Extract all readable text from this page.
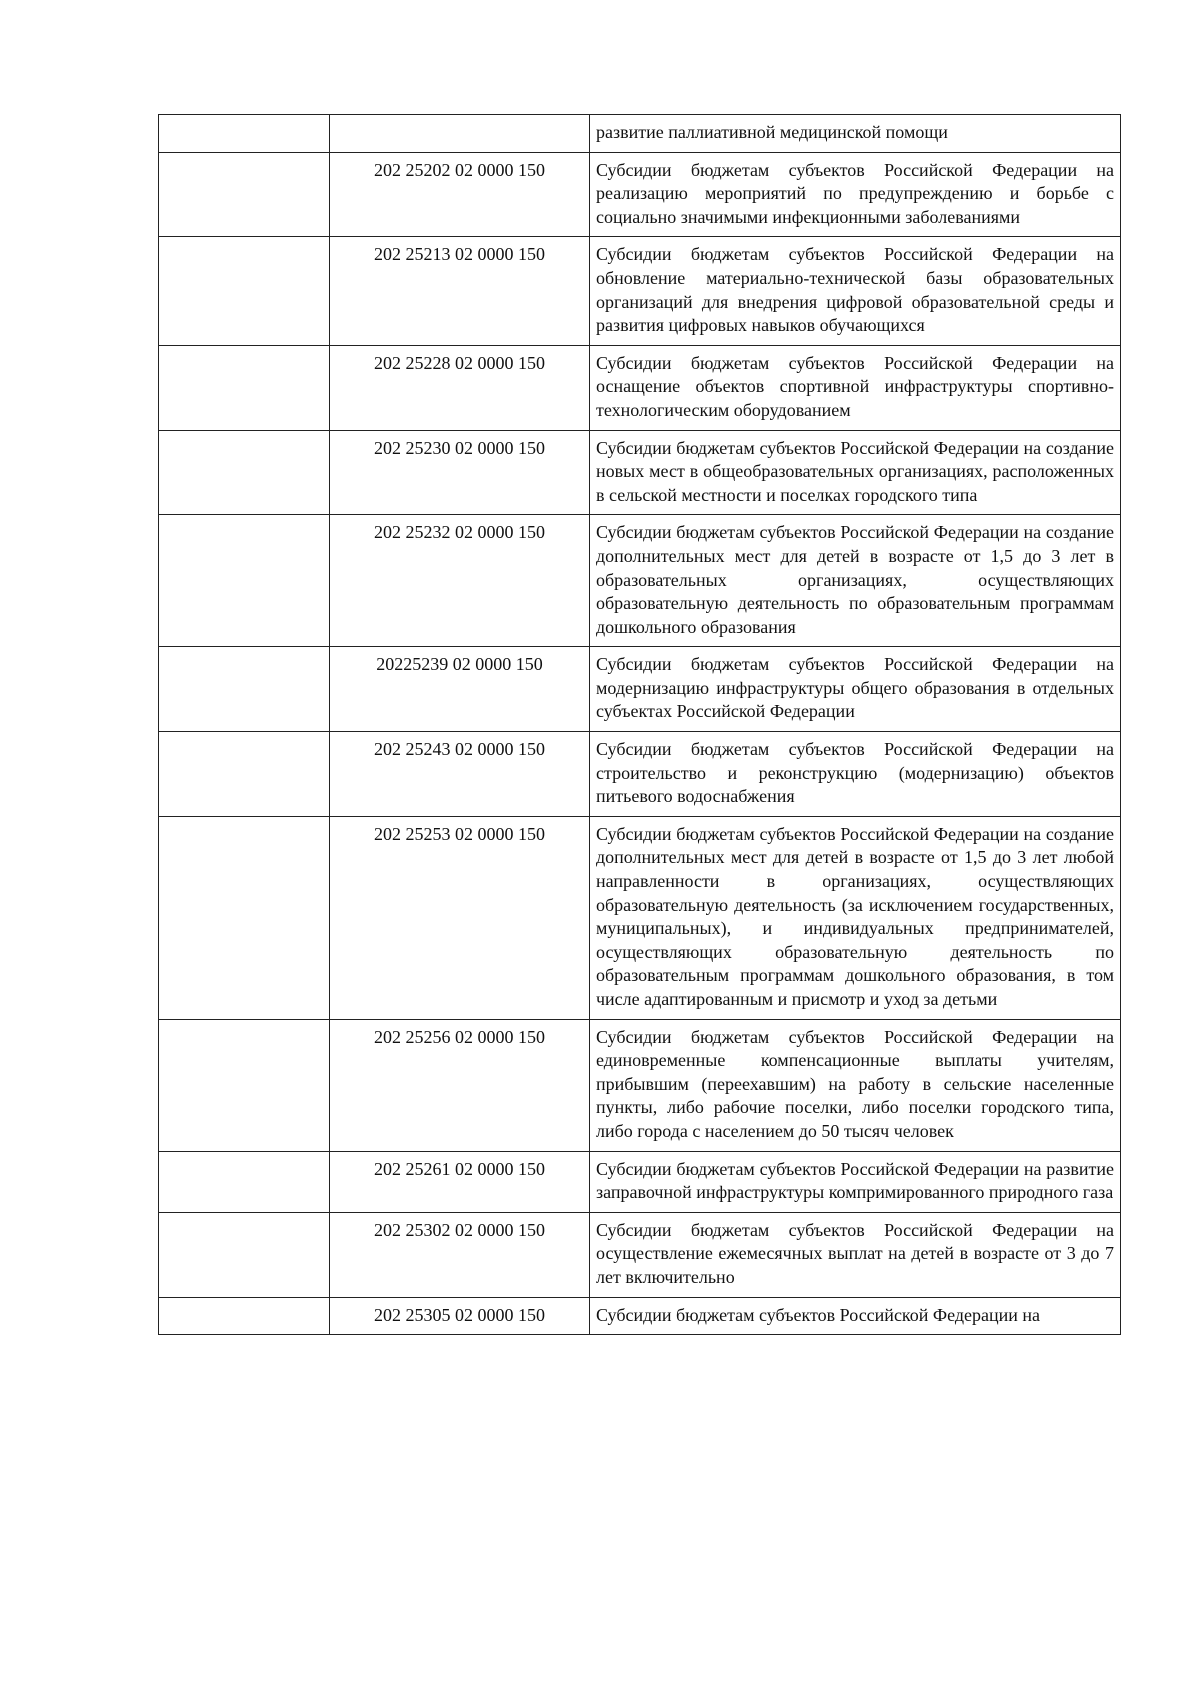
		развитие паллиативной медицинской помощи
	202 25202 02 0000 150	Субсидии бюджетам субъектов Российской Федерации на реализацию мероприятий по предупреждению и борьбе с социально значимыми инфекционными заболеваниями
	202 25213 02 0000 150	Субсидии бюджетам субъектов Российской Федерации на обновление материально-технической базы образовательных организаций для внедрения цифровой образовательной среды и развития цифровых навыков обучающихся
	202 25228 02 0000 150	Субсидии бюджетам субъектов Российской Федерации на оснащение объектов спортивной инфраструктуры спортивно-технологическим оборудованием
	202 25230 02 0000 150	Субсидии бюджетам субъектов Российской Федерации на создание новых мест в общеобразовательных организациях, расположенных в сельской местности и поселках городского типа
	202 25232 02 0000 150	Субсидии бюджетам субъектов Российской Федерации на создание дополнительных мест для детей в возрасте от 1,5 до 3 лет в образовательных организациях, осуществляющих образовательную деятельность по образовательным программам дошкольного образования
	20225239 02 0000 150	Субсидии бюджетам субъектов Российской Федерации на модернизацию инфраструктуры общего образования в отдельных субъектах Российской Федерации
	202 25243 02 0000 150	Субсидии бюджетам субъектов Российской Федерации на строительство и реконструкцию (модернизацию) объектов питьевого водоснабжения
	202 25253 02 0000 150	Субсидии бюджетам субъектов Российской Федерации на создание дополнительных мест для детей в возрасте от 1,5 до 3 лет любой направленности в организациях, осуществляющих образовательную деятельность (за исключением государственных, муниципальных), и индивидуальных предпринимателей, осуществляющих образовательную деятельность по образовательным программам дошкольного образования, в том числе адаптированным и присмотр и уход за детьми
	202 25256 02 0000 150	Субсидии бюджетам субъектов Российской Федерации на единовременные компенсационные выплаты учителям, прибывшим (переехавшим) на работу в сельские населенные пункты, либо рабочие поселки, либо поселки городского типа, либо города с населением до 50 тысяч человек
	202 25261 02 0000 150	Субсидии бюджетам субъектов Российской Федерации на развитие заправочной инфраструктуры компримированного природного газа
	202 25302 02 0000 150	Субсидии бюджетам субъектов Российской Федерации на осуществление ежемесячных выплат на детей в возрасте от 3 до 7 лет включительно
	202 25305 02 0000 150	Субсидии бюджетам субъектов Российской Федерации на
